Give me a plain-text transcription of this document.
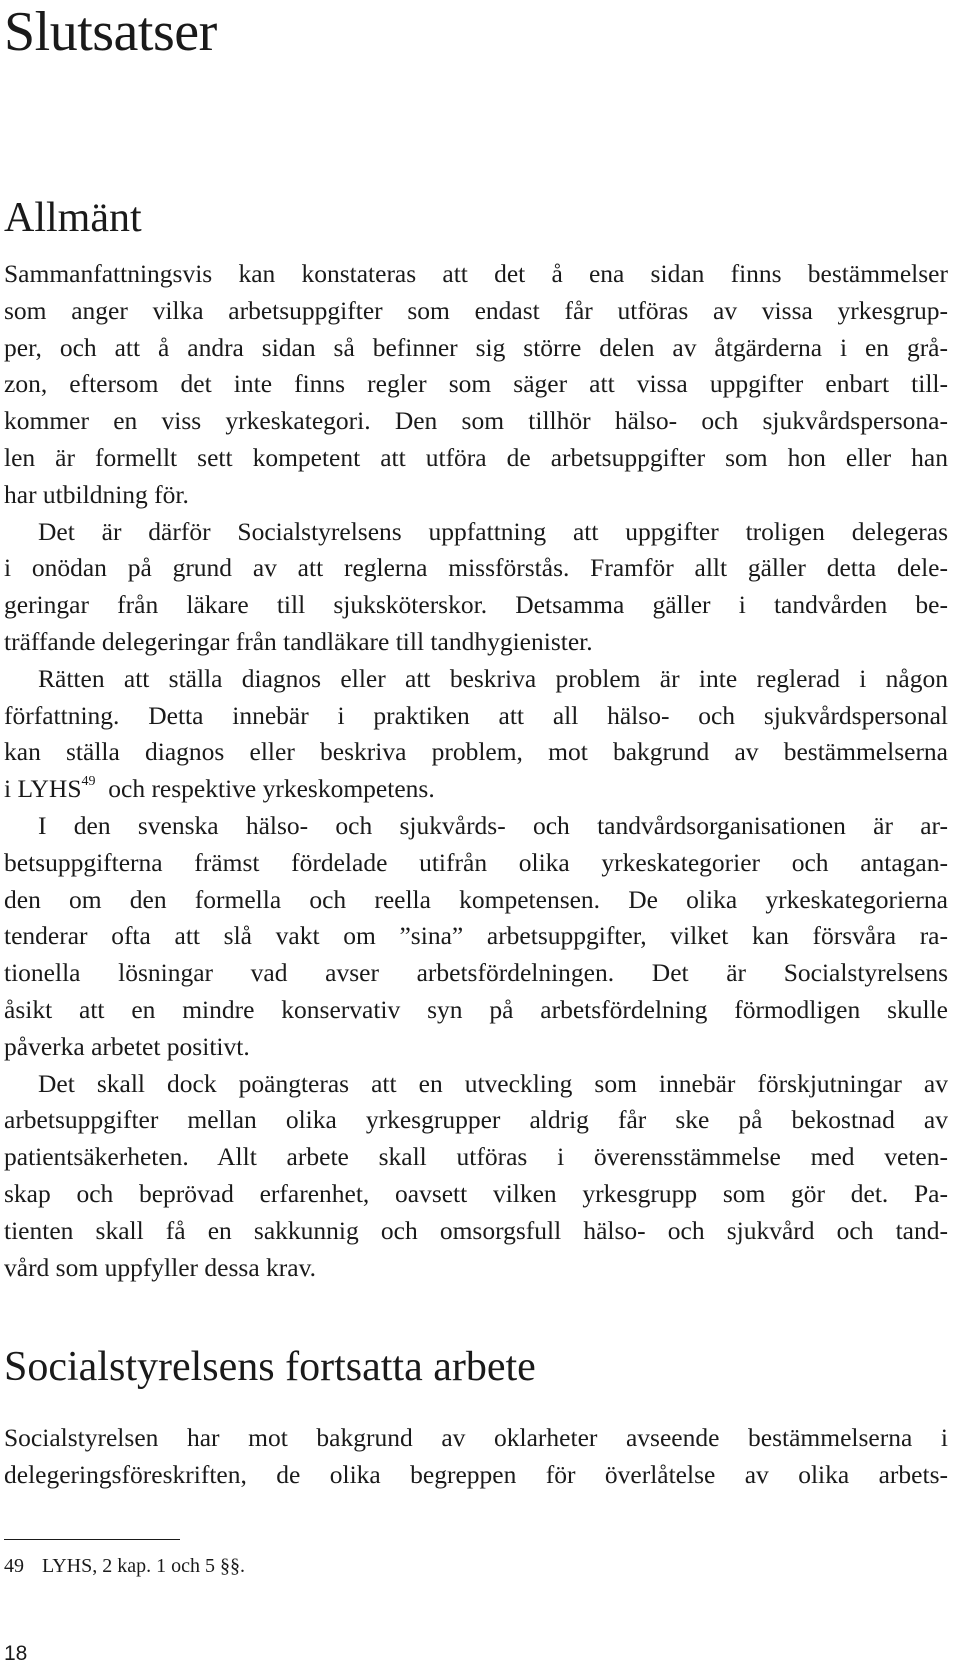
Slutsatser
Allmänt
Sammanfattningsvis kan konstateras att det å ena sidan finns bestämmelser
som anger vilka arbetsuppgifter som endast får utföras av vissa yrkesgrup-
per, och att å andra sidan så befinner sig större delen av åtgärderna i en grå-
zon, eftersom det inte finns regler som säger att vissa uppgifter enbart till-
kommer en viss yrkeskategori. Den som tillhör hälso- och sjukvårdspersona-
len är formellt sett kompetent att utföra de arbetsuppgifter som hon eller han
har utbildning för.
Det är därför Socialstyrelsens uppfattning att uppgifter troligen delegeras
i onödan på grund av att reglerna missförstås. Framför allt gäller detta dele-
geringar från läkare till sjuksköterskor. Detsamma gäller i tandvården be-
träffande delegeringar från tandläkare till tandhygienister.
Rätten att ställa diagnos eller att beskriva problem är inte reglerad i någon
författning. Detta innebär i praktiken att all hälso- och sjukvårdspersonal
kan ställa diagnos eller beskriva problem, mot bakgrund av bestämmelserna
i LYHS$^{49}$ och respektive yrkeskompetens.
I den svenska hälso- och sjukvårds- och tandvårdsorganisationen är ar-
betsuppgifterna främst fördelade utifrån olika yrkeskategorier och antagan-
den om den formella och reella kompetensen. De olika yrkeskategorierna
tenderar ofta att slå vakt om ”sina” arbetsuppgifter, vilket kan försvåra ra-
tionella lösningar vad avser arbetsfördelningen. Det är Socialstyrelsens
åsikt att en mindre konservativ syn på arbetsfördelning förmodligen skulle
påverka arbetet positivt.
Det skall dock poängteras att en utveckling som innebär förskjutningar av
arbetsuppgifter mellan olika yrkesgrupper aldrig får ske på bekostnad av
patientsäkerheten. Allt arbete skall utföras i överensstämmelse med veten-
skap och beprövad erfarenhet, oavsett vilken yrkesgrupp som gör det. Pa-
tienten skall få en sakkunnig och omsorgsfull hälso- och sjukvård och tand-
vård som uppfyller dessa krav.
Socialstyrelsens fortsatta arbete
Socialstyrelsen har mot bakgrund av oklarheter avseende bestämmelserna i
delegeringsföreskriften, de olika begreppen för överlåtelse av olika arbets-
49 LYHS, 2 kap. 1 och 5 §§.
18
